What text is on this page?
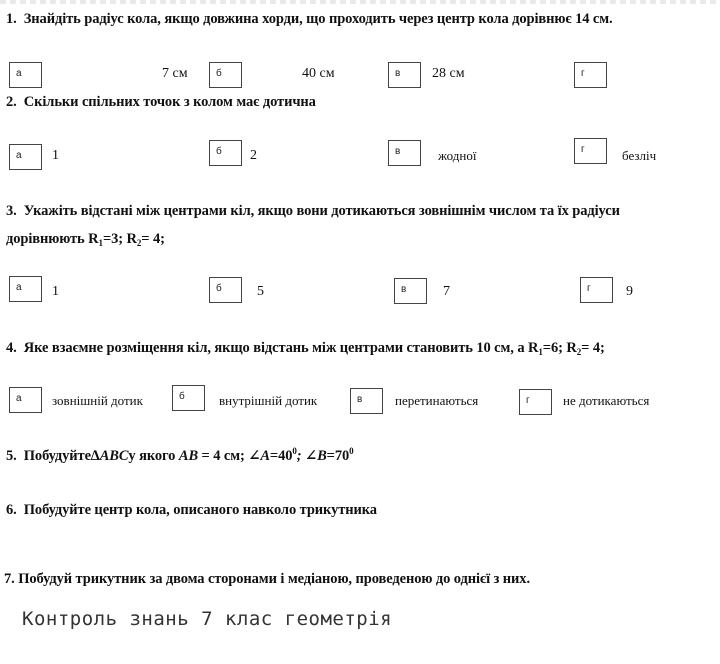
1. Знайдіть радіус кола, якщо довжина хорди, що проходить через центр кола дорівнює 14 см.
а	7 см	б	40 см	в	28 см	г
2. Скільки спільних точок з колом має дотична
а	1	б	2	в	жодної	г	безліч
3. Укажіть відстані між центрами кіл, якщо вони дотикаються зовнішнім числом та їх радіуси
дорівнюють $R_1=3$; $R_2= 4$;
а	1	б	5	в	7	г	9
4. Яке взаємне розміщення кіл, якщо відстань між центрами становить 10 см, а $R_1=6$; $R_2= 4$;
а	зовнішній дотик	б	внутрішній дотик	в	перетинаються	г	не дотикаються
5. Побудуйте∆ABCу якого AB = 4 см; $\angle A=40^0$; $\angle B=70^0$
6. Побудуйте центр кола, описаного навколо трикутника
7. Побудуй трикутник за двома сторонами і медіаною, проведеною до однієї з них.
Контроль знань 7 клас геометрія
